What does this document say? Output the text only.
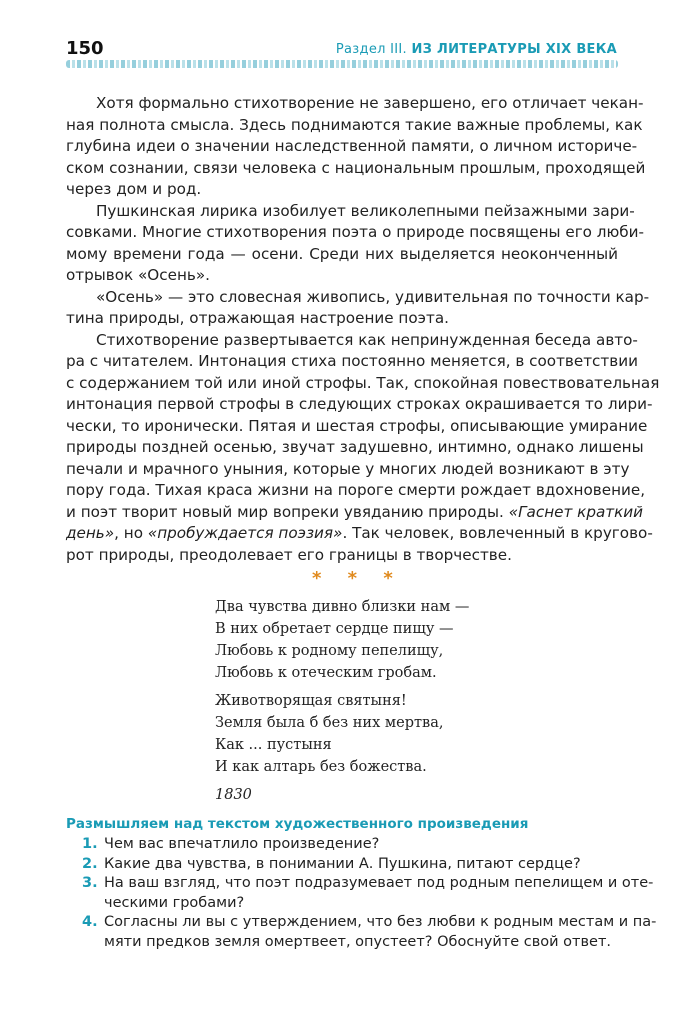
150	Раздел III. ИЗ ЛИТЕРАТУРЫ XIX ВЕКА
Хотя формально стихотворение не завершено, его отличает чекан-
ная полнота смысла. Здесь поднимаются такие важные проблемы, как
глубина идеи о значении наследственной памяти, о личном историче-
ском сознании, связи человека с национальным прошлым, проходящей
через дом и род.
Пушкинская лирика изобилует великолепными пейзажными зари-
совками. Многие стихотворения поэта о природе посвящены его люби-
мому времени года — осени. Среди них выделяется неоконченный
отрывок «Осень».
«Осень» — это словесная живопись, удивительная по точности кар-
тина природы, отражающая настроение поэта.
Стихотворение развертывается как непринужденная беседа авто-
ра с читателем. Интонация стиха постоянно меняется, в соответствии
с содержанием той или иной строфы. Так, спокойная повествовательная
интонация первой строфы в следующих строках окрашивается то лири-
чески, то иронически. Пятая и шестая строфы, описывающие умирание
природы поздней осенью, звучат задушевно, интимно, однако лишены
печали и мрачного уныния, которые у многих людей возникают в эту
пору года. Тихая краса жизни на пороге смерти рождает вдохновение,
и поэт творит новый мир вопреки увяданию природы. «Гаснет краткий
день», но «пробуждается поэзия». Так человек, вовлеченный в кругово-
рот природы, преодолевает его границы в творчестве.
* * *
Два чувства дивно близки нам —
В них обретает сердце пищу —
Любовь к родному пепелищу,
Любовь к отеческим гробам.
Животворящая святыня!
Земля была б без них мертва,
Как ... пустыня
И как алтарь без божества.
1830
Размышляем над текстом художественного произведения
1. Чем вас впечатлило произведение?
2. Какие два чувства, в понимании А. Пушкина, питают сердце?
3. На ваш взгляд, что поэт подразумевает под родным пепелищем и оте-
ческими гробами?
4. Согласны ли вы с утверждением, что без любви к родным местам и па-
мяти предков земля омертвеет, опустеет? Обоснуйте свой ответ.
